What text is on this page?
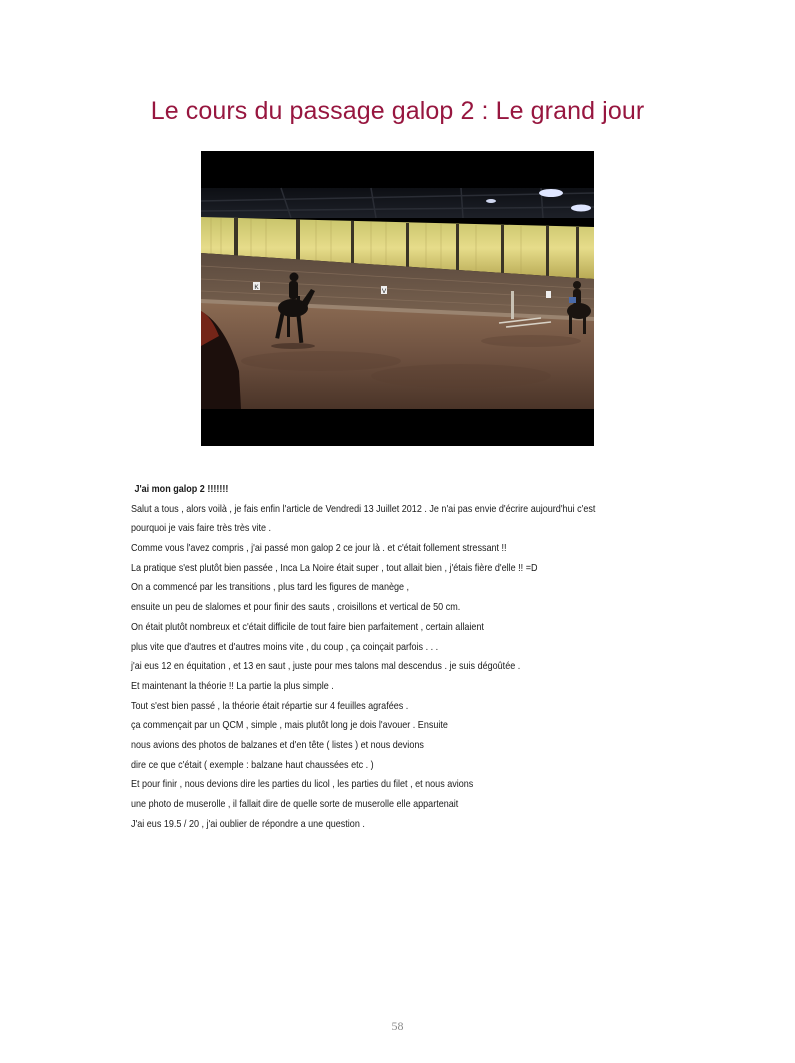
Le cours du passage galop 2 : Le grand jour
K
V
J'ai mon galop 2 !!!!!!!
Salut a tous , alors voilà , je fais enfin l'article de Vendredi 13 Juillet 2012 . Je n'ai pas envie d'écrire aujourd'hui c'est
pourquoi je vais faire très très vite .
Comme vous l'avez compris , j'ai passé mon galop 2 ce jour là . et c'était follement stressant !!
La pratique s'est plutôt bien passée , Inca La Noire était super , tout allait bien , j'étais fière d'elle !! =D
On a commencé par les transitions , plus tard les figures de manège ,
ensuite un peu de slalomes et pour finir des sauts , croisillons et vertical de 50 cm.
On était plutôt nombreux et c'était difficile de tout faire bien parfaitement , certain allaient
plus vite que d'autres et d'autres moins vite , du coup , ça coinçait parfois . . .
j'ai eus 12 en équitation , et 13 en saut , juste pour mes talons mal descendus . je suis dégoûtée .
Et maintenant la théorie !! La partie la plus simple .
Tout s'est bien passé , la théorie était répartie sur 4 feuilles agrafées .
ça commençait par un QCM , simple , mais plutôt long je dois l'avouer . Ensuite
nous avions des photos de balzanes et d'en tête ( listes ) et nous devions
dire ce que c'était ( exemple : balzane haut chaussées etc . )
Et pour finir , nous devions dire les parties du licol , les parties du filet , et nous avions
une photo de muserolle , il fallait dire de quelle sorte de muserolle elle appartenait
J'ai eus 19.5 / 20 , j'ai oublier de répondre a une question .
58
